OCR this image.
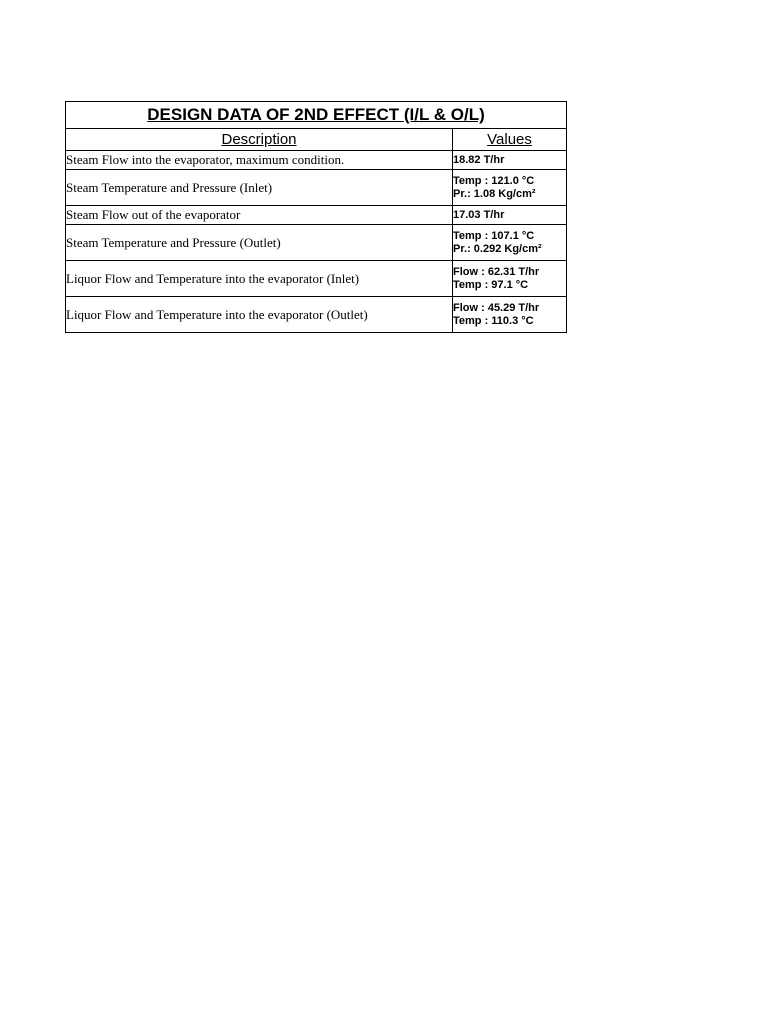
DESIGN DATA OF 2ND EFFECT (I/L & O/L)	
Description	Values
Steam Flow into the evaporator, maximum condition.	18.82 T/hr

Steam Temperature and Pressure (Inlet)	Temp : 121.0 °C
Pr.: 1.08 Kg/cm²

Steam Flow out of the evaporator	17.03 T/hr

Steam Temperature and Pressure (Outlet)	Temp : 107.1 °C
Pr.: 0.292 Kg/cm²

Liquor Flow and Temperature into the evaporator (Inlet)	Flow : 62.31 T/hr
Temp : 97.1 °C

Liquor Flow and Temperature into the evaporator (Outlet)	Flow : 45.29 T/hr
Temp : 110.3 °C
